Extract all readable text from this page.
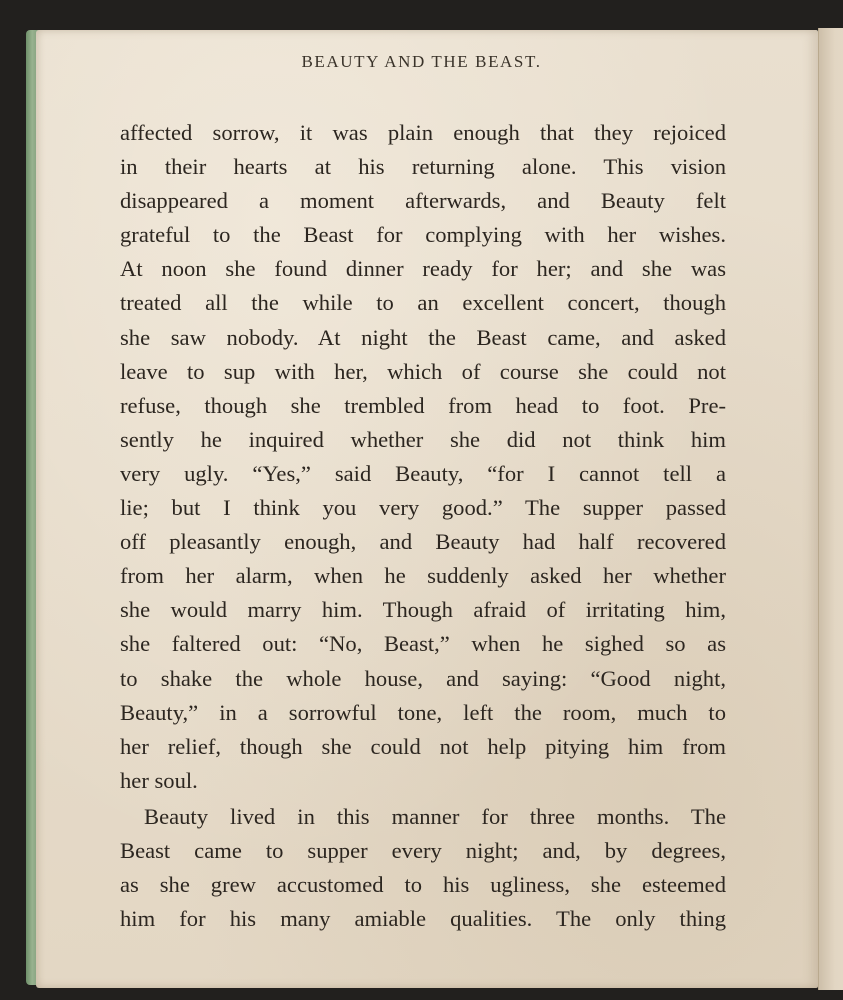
BEAUTY AND THE BEAST.
affected sorrow, it was plain enough that they rejoiced
in their hearts at his returning alone. This vision
disappeared a moment afterwards, and Beauty felt
grateful to the Beast for complying with her wishes.
At noon she found dinner ready for her; and she was
treated all the while to an excellent concert, though
she saw nobody. At night the Beast came, and asked
leave to sup with her, which of course she could not
refuse, though she trembled from head to foot. Pre-
sently he inquired whether she did not think him
very ugly. “Yes,” said Beauty, “for I cannot tell a
lie; but I think you very good.” The supper passed
off pleasantly enough, and Beauty had half recovered
from her alarm, when he suddenly asked her whether
she would marry him. Though afraid of irritating him,
she faltered out: “No, Beast,” when he sighed so as
to shake the whole house, and saying: “Good night,
Beauty,” in a sorrowful tone, left the room, much to
her relief, though she could not help pitying him from
her soul.
Beauty lived in this manner for three months. The
Beast came to supper every night; and, by degrees,
as she grew accustomed to his ugliness, she esteemed
him for his many amiable qualities. The only thing
